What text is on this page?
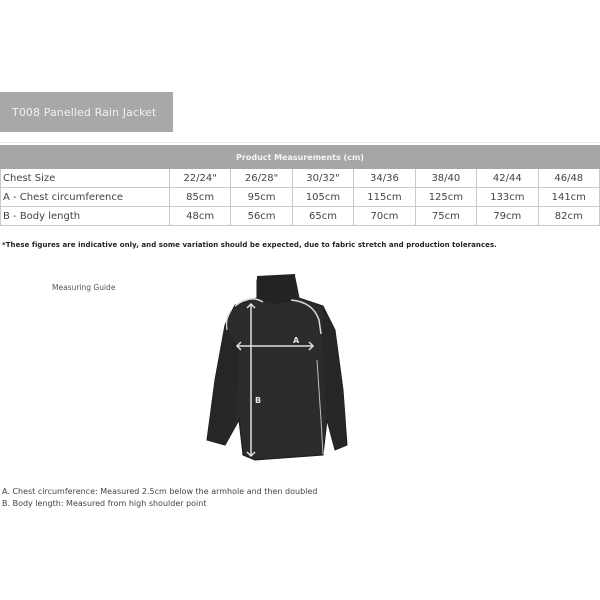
T008 Panelled Rain Jacket
Product Measurements (cm)							
Chest Size	22/24"	26/28"	30/32"	34/36	38/40	42/44	46/48
A - Chest circumference	85cm	95cm	105cm	115cm	125cm	133cm	141cm
B - Body length	48cm	56cm	65cm	70cm	75cm	79cm	82cm
*These figures are indicative only, and some variation should be expected, due to fabric stretch and production tolerances.
Measuring Guide
A
B
A. Chest circumference: Measured 2.5cm below the armhole and then doubled
B. Body length: Measured from high shoulder point
